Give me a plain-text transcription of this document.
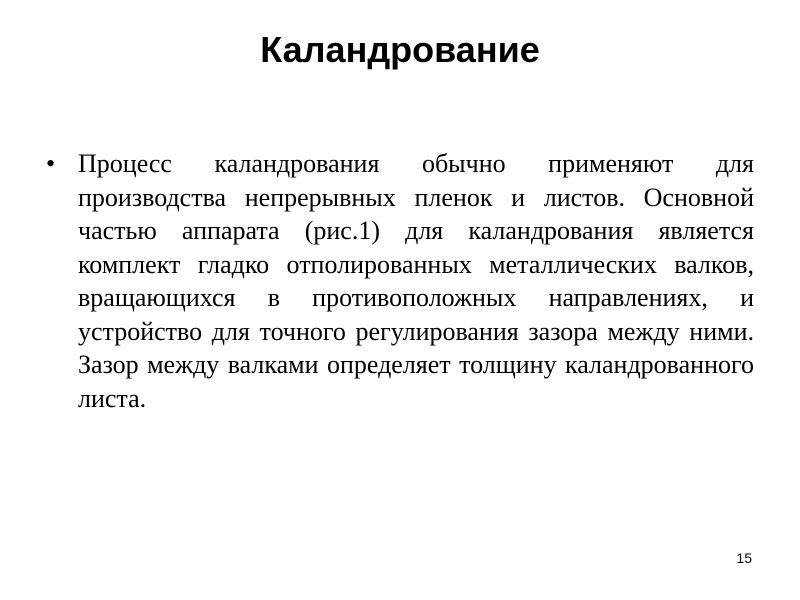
Каландрование
• Процесс каландрования обычно применяют для производства непрерывных пленок и листов. Основной частью аппарата (рис.1) для каландрования является комплект гладко отполированных металлических валков, вращающихся в противоположных направлениях, и устройство для точного регулирования зазора между ними. Зазор между валками определяет толщину каландрованного листа.
15
